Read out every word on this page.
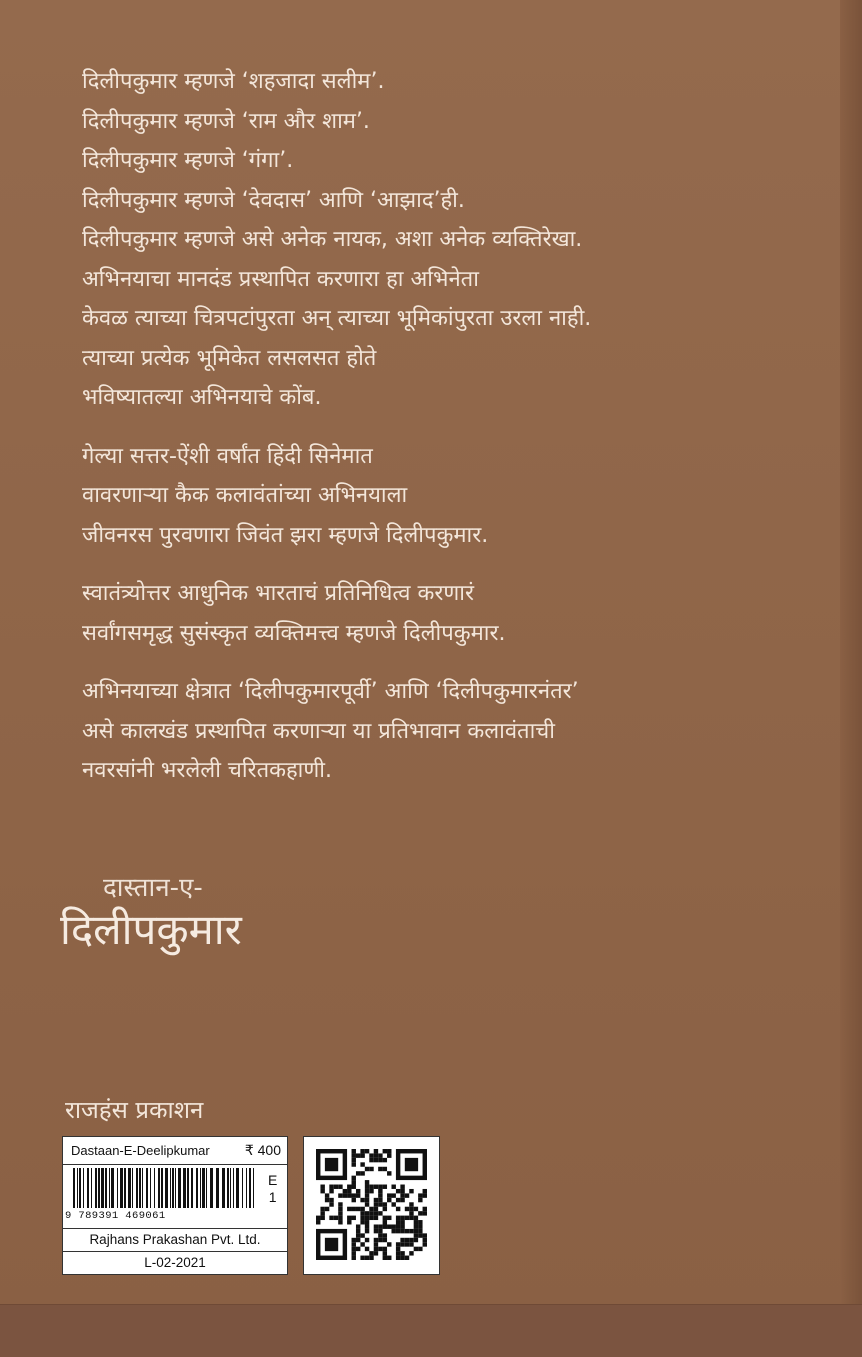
दिलीपकुमार म्हणजे ‘शहजादा सलीम’.
दिलीपकुमार म्हणजे ‘राम और शाम’.
दिलीपकुमार म्हणजे ‘गंगा’.
दिलीपकुमार म्हणजे ‘देवदास’ आणि ‘आझाद’ही.
दिलीपकुमार म्हणजे असे अनेक नायक, अशा अनेक व्यक्तिरेखा.
अभिनयाचा मानदंड प्रस्थापित करणारा हा अभिनेता
केवळ त्याच्या चित्रपटांपुरता अन् त्याच्या भूमिकांपुरता उरला नाही.
त्याच्या प्रत्येक भूमिकेत लसलसत होते
भविष्यातल्या अभिनयाचे कोंब.

गेल्या सत्तर-ऐंशी वर्षांत हिंदी सिनेमात
वावरणाऱ्या कैक कलावंतांच्या अभिनयाला
जीवनरस पुरवणारा जिवंत झरा म्हणजे दिलीपकुमार.

स्वातंत्र्योत्तर आधुनिक भारताचं प्रतिनिधित्व करणारं
सर्वांगसमृद्ध सुसंस्कृत व्यक्तिमत्त्व म्हणजे दिलीपकुमार.

अभिनयाच्या क्षेत्रात ‘दिलीपकुमारपूर्वी’ आणि ‘दिलीपकुमारनंतर’
असे कालखंड प्रस्थापित करणाऱ्या या प्रतिभावान कलावंताची
नवरसांनी भरलेली चरितकहाणी.

दास्तान-ए-
दिलीपकुमार
राजहंस प्रकाशन
Dastaan-E-Deelipkumar	₹ 400
9 789391 469061
E
1
Rajhans Prakashan Pvt. Ltd.
L-02-2021
